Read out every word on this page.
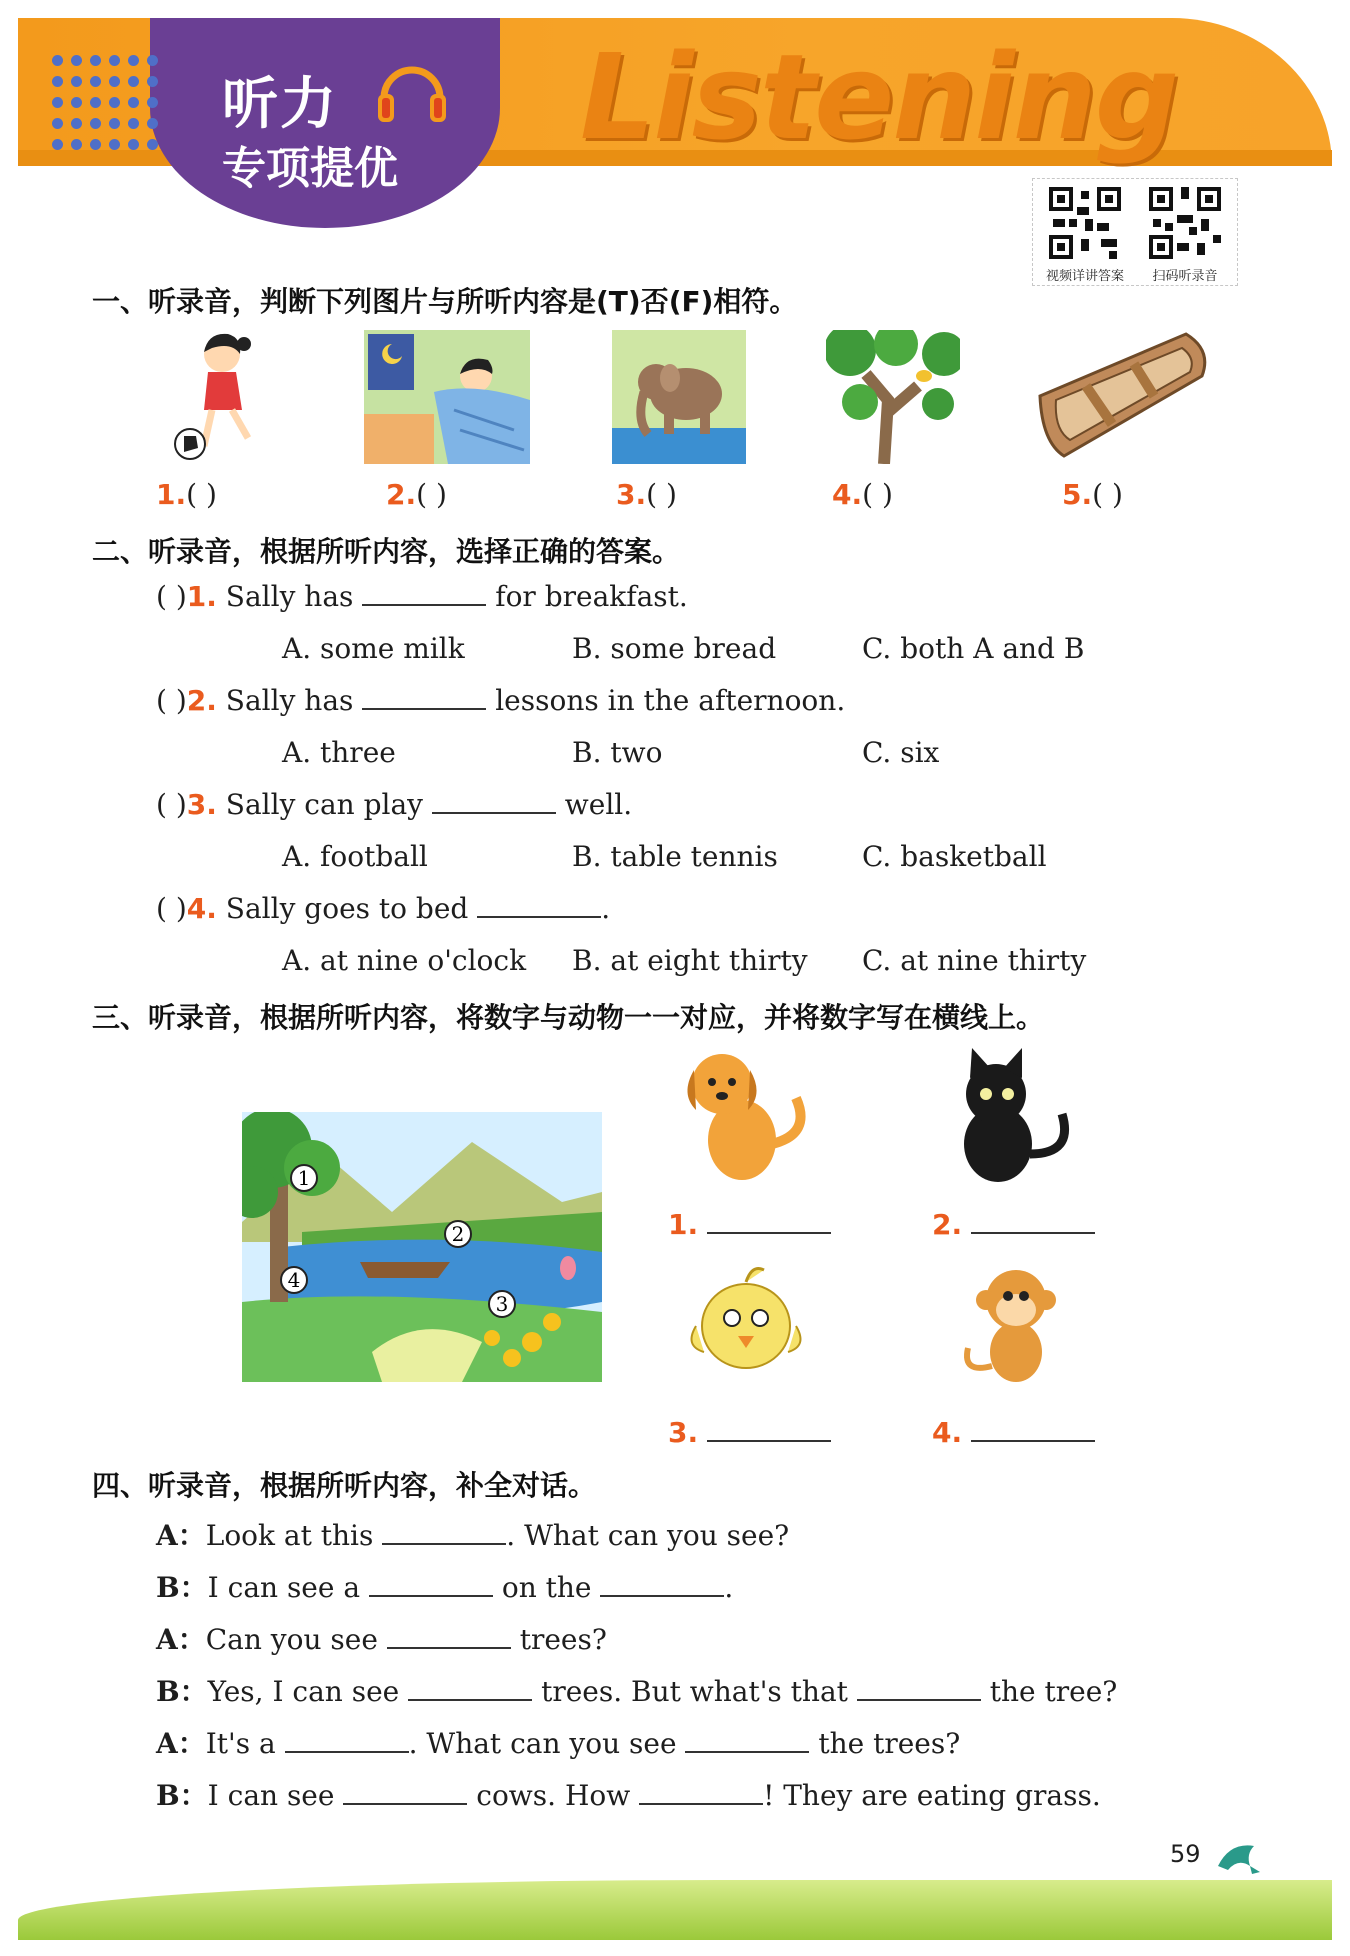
听力
专项提优
Listening
视频详讲答案	扫码听录音
一、听录音，判断下列图片与所听内容是(T)否(F)相符。
1.( )	2.( )	3.( )	4.( )	5.( )
二、听录音，根据所听内容，选择正确的答案。
( )1. Sally has	for breakfast.
A. some milk	B. some bread	C. both A and B
( )2. Sally has	lessons in the afternoon.
A. three	B. two	C. six
( )3. Sally can play	well.
A. football	B. table tennis	C. basketball
( )4. Sally goes to bed	.
A. at nine o'clock B. at eight thirty C. at nine thirty
三、听录音，根据所听内容，将数字与动物一一对应，并将数字写在横线上。
1
2
3
4
1.	2.
3.	4.
四、听录音，根据所听内容，补全对话。
A：Look at this	. What can you see?
B：I can see a	on the	.
A：Can you see	trees?
B：Yes, I can see	trees. But what's that	the tree?
A：It's a	. What can you see	the trees?
B：I can see	cows. How	! They are eating grass.
59
